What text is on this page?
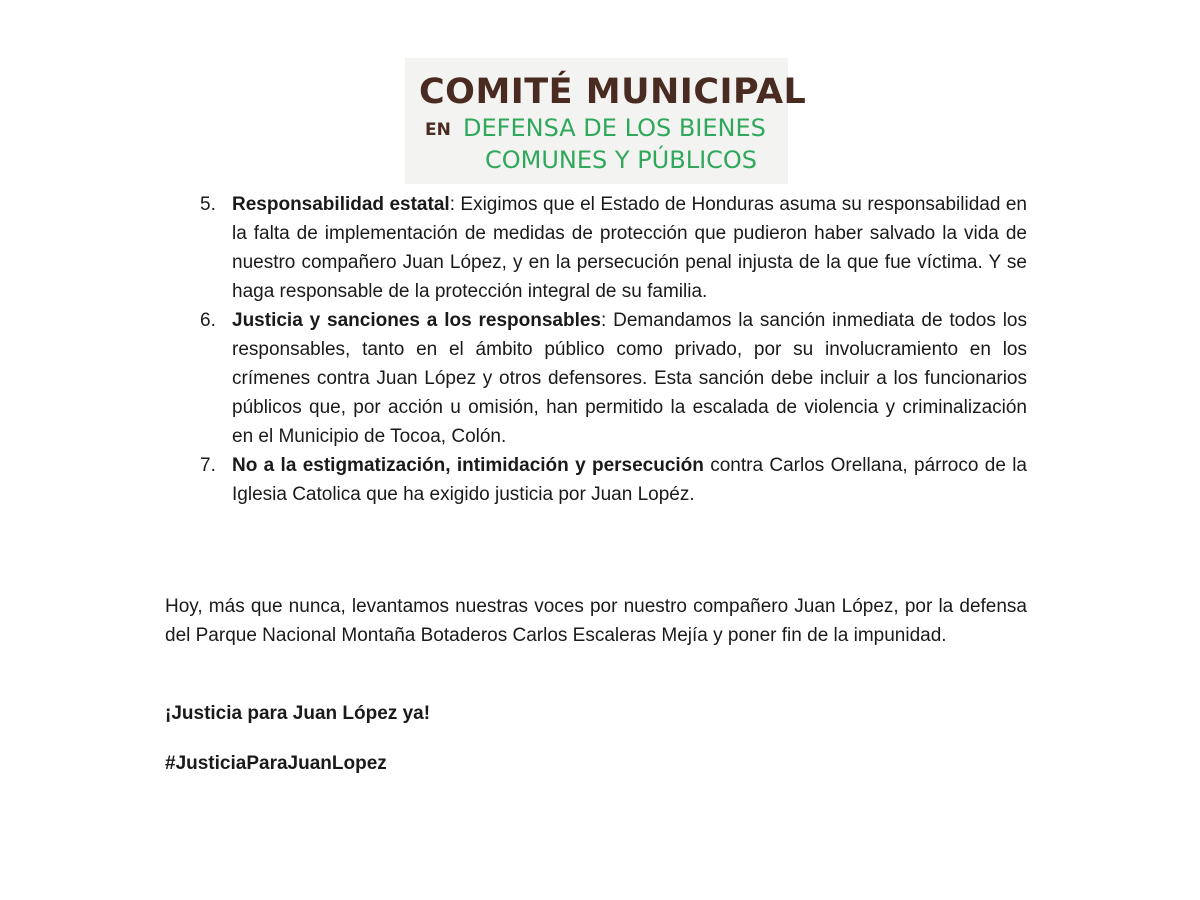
COMITÉ MUNICIPAL
EN DEFENSA DE LOS BIENES
COMUNES Y PÚBLICOS
5. Responsabilidad estatal: Exigimos que el Estado de Honduras asuma su responsabilidad en la falta de implementación de medidas de protección que pudieron haber salvado la vida de nuestro compañero Juan López, y en la persecución penal injusta de la que fue víctima. Y se haga responsable de la protección integral de su familia.
6. Justicia y sanciones a los responsables: Demandamos la sanción inmediata de todos los responsables, tanto en el ámbito público como privado, por su involucramiento en los crímenes contra Juan López y otros defensores. Esta sanción debe incluir a los funcionarios públicos que, por acción u omisión, han permitido la escalada de violencia y criminalización en el Municipio de Tocoa, Colón.
7. No a la estigmatización, intimidación y persecución contra Carlos Orellana, párroco de la Iglesia Catolica que ha exigido justicia por Juan Lopéz.

Hoy, más que nunca, levantamos nuestras voces por nuestro compañero Juan López, por la defensa del Parque Nacional Montaña Botaderos Carlos Escaleras Mejía y poner fin de la impunidad.

¡Justicia para Juan López ya!

#JusticiaParaJuanLopez
